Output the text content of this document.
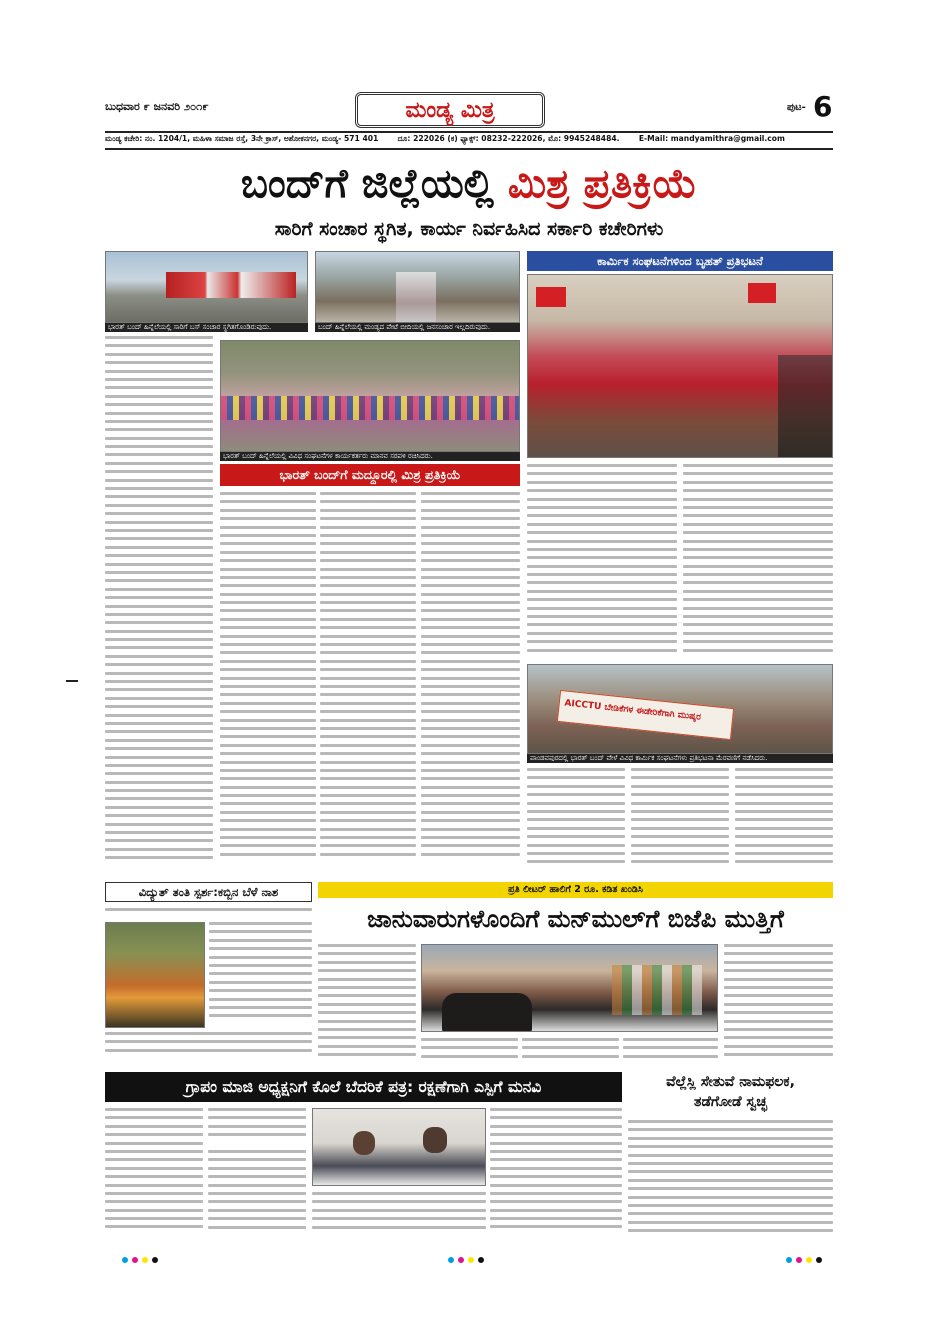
ಬುಧವಾರ ೯ ಜನವರಿ ೨೦೧೯	ಮಂಡ್ಯ ಮಿತ್ರ	ಪುಟ- 6
ಮಂಡ್ಯ ಕಚೇರಿ: ನಂ. 1204/1, ಮಹಿಳಾ ಸಮಾಜ ರಸ್ತೆ, 3ನೇ ಕ್ರಾಸ್, ಅಶೋಕನಗರ, ಮಂಡ್ಯ- 571 401	ದೂ: 222026 (ಕ) ಫ್ಯಾಕ್ಸ್: 08232-222026, ಮೊ: 9945248484.	E-Mail: mandyamithra@gmail.com
ಬಂದ್‌ಗೆ ಜಿಲ್ಲೆಯಲ್ಲಿ ಮಿಶ್ರ ಪ್ರತಿಕ್ರಿಯೆ
ಸಾರಿಗೆ ಸಂಚಾರ ಸ್ಥಗಿತ, ಕಾರ್ಯ ನಿರ್ವಹಿಸಿದ ಸರ್ಕಾರಿ ಕಚೇರಿಗಳು
ಭಾರತ್ ಬಂದ್ ಹಿನ್ನೆಲೆಯಲ್ಲಿ ಸಾರಿಗೆ ಬಸ್ ಸಂಚಾರ ಸ್ಥಗಿತಗೊಂಡಿರುವುದು.	ಬಂದ್ ಹಿನ್ನೆಲೆಯಲ್ಲಿ ಮಂಡ್ಯದ ಪೇಟೆ ಬೀದಿಯಲ್ಲಿ ಜನಸಂಚಾರ ಇಲ್ಲದಿರುವುದು.
ಭಾರತ್ ಬಂದ್ ಹಿನ್ನೆಲೆಯಲ್ಲಿ ವಿವಿಧ ಸಂಘಟನೆಗಳ ಕಾರ್ಯಕರ್ತರು ಮಾನವ ಸರಪಳಿ ರಚಿಸಿದರು.
ಭಾರತ್ ಬಂದ್‌ಗೆ ಮದ್ದೂರಲ್ಲಿ ಮಿಶ್ರ ಪ್ರತಿಕ್ರಿಯೆ
ಕಾರ್ಮಿಕ ಸಂಘಟನೆಗಳಿಂದ ಬೃಹತ್ ಪ್ರತಿಭಟನೆ
AICCTU ಬೇಡಿಕೆಗಳ ಈಡೇರಿಕೆಗಾಗಿ ಮುಷ್ಕರ
ಪಾಂಡವಪುರದಲ್ಲಿ ಭಾರತ್ ಬಂದ್ ವೇಳೆ ವಿವಿಧ ಕಾರ್ಮಿಕ ಸಂಘಟನೆಗಳು ಪ್ರತಿಭಟನಾ ಮೆರವಣಿಗೆ ನಡೆಸಿದರು.
ವಿದ್ಯುತ್ ತಂತಿ ಸ್ಪರ್ಶ:ಕಬ್ಬಿನ ಬೆಳೆ ನಾಶ	ಪ್ರತಿ ಲೀಟರ್ ಹಾಲಿಗೆ 2 ರೂ. ಕಡಿತ ಖಂಡಿಸಿ
ಜಾನುವಾರುಗಳೊಂದಿಗೆ ಮನ್‌ಮುಲ್‌ಗೆ ಬಿಜೆಪಿ ಮುತ್ತಿಗೆ
ಗ್ರಾಪಂ ಮಾಜಿ ಅಧ್ಯಕ್ಷನಿಗೆ ಕೊಲೆ ಬೆದರಿಕೆ ಪತ್ರ: ರಕ್ಷಣೆಗಾಗಿ ಎಸ್ಪಿಗೆ ಮನವಿ	ವೆಲ್ಲೆಸ್ಲಿ ಸೇತುವೆ ನಾಮಫಲಕ,
ತಡೆಗೋಡೆ ಸ್ವಚ್ಛ
